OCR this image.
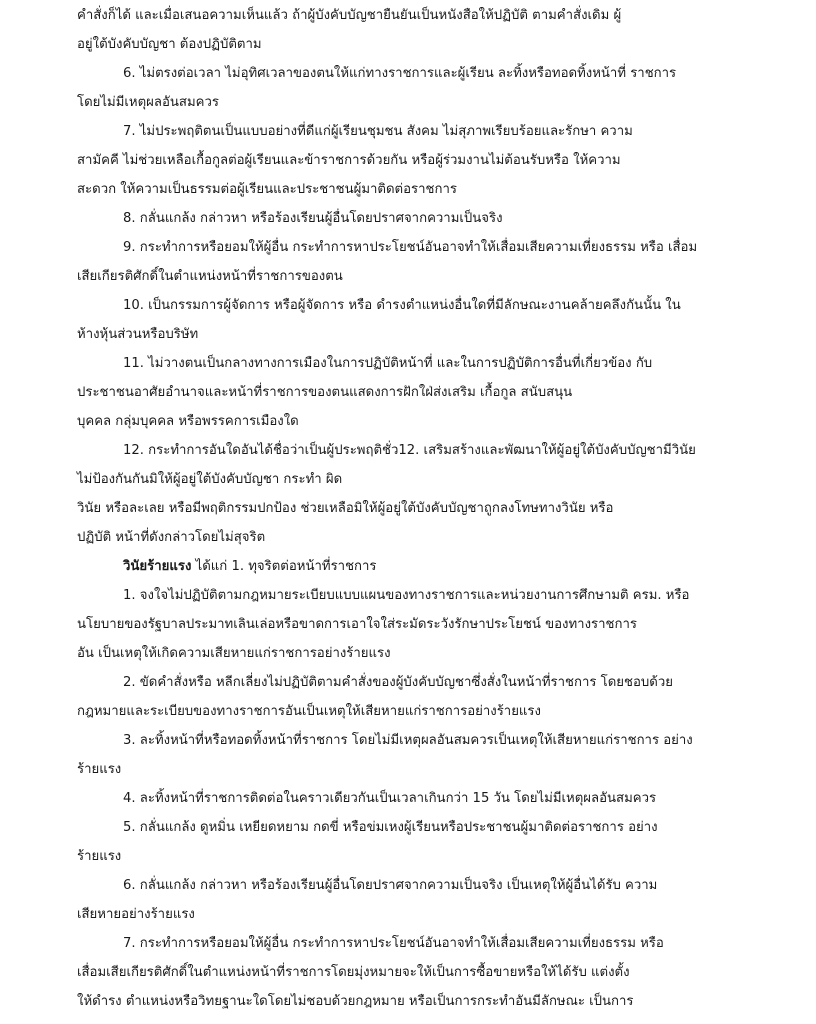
คำสั่งก็ได้ และเมื่อเสนอความเห็นแล้ว ถ้าผู้บังคับบัญชายืนยันเป็นหนังสือให้ปฏิบัติ ตามคำสั่งเดิม ผู้
อยู่ใต้บังคับบัญชา ต้องปฏิบัติตาม
6. ไม่ตรงต่อเวลา ไม่อุทิศเวลาของตนให้แก่ทางราชการและผู้เรียน ละทิ้งหรือทอดทิ้งหน้าที่ ราชการ
โดยไม่มีเหตุผลอันสมควร
7. ไม่ประพฤติตนเป็นแบบอย่างที่ดีแก่ผู้เรียนชุมชน สังคม ไม่สุภาพเรียบร้อยและรักษา ความ
สามัคคี ไม่ช่วยเหลือเกื้อกูลต่อผู้เรียนและข้าราชการด้วยกัน หรือผู้ร่วมงานไม่ต้อนรับหรือ ให้ความ
สะดวก ให้ความเป็นธรรมต่อผู้เรียนและประชาชนผู้มาติดต่อราชการ
8. กลั่นแกล้ง กล่าวหา หรือร้องเรียนผู้อื่นโดยปราศจากความเป็นจริง
9. กระทำการหรือยอมให้ผู้อื่น กระทำการหาประโยชน์อันอาจทำให้เสื่อมเสียความเที่ยงธรรม หรือ เสื่อม
เสียเกียรติศักดิ์ในตำแหน่งหน้าที่ราชการของตน
10. เป็นกรรมการผู้จัดการ หรือผู้จัดการ หรือ ดำรงตำแหน่งอื่นใดที่มีลักษณะงานคล้ายคลึงกันนั้น ใน
ห้างหุ้นส่วนหรือบริษัท
11. ไม่วางตนเป็นกลางทางการเมืองในการปฏิบัติหน้าที่ และในการปฏิบัติการอื่นที่เกี่ยวข้อง กับ
ประชาชนอาศัยอำนาจและหน้าที่ราชการของตนแสดงการฝักใฝ่ส่งเสริม เกื้อกูล สนับสนุน
บุคคล กลุ่มบุคคล หรือพรรคการเมืองใด
12. กระทำการอันใดอันได้ชื่อว่าเป็นผู้ประพฤติชั่ว12. เสริมสร้างและพัฒนาให้ผู้อยู่ใต้บังคับบัญชามีวินัย
ไม่ป้องกันกันมิให้ผู้อยู่ใต้บังคับบัญชา กระทำ ผิด
วินัย หรือละเลย หรือมีพฤติกรรมปกป้อง ช่วยเหลือมิให้ผู้อยู่ใต้บังคับบัญชาถูกลงโทษทางวินัย หรือ
ปฏิบัติ หน้าที่ดังกล่าวโดยไม่สุจริต
วินัยร้ายแรง ได้แก่ 1. ทุจริตต่อหน้าที่ราชการ
1. จงใจไม่ปฏิบัติตามกฎหมายระเบียบแบบแผนของทางราชการและหน่วยงานการศึกษามติ ครม. หรือ
นโยบายของรัฐบาลประมาทเลินเล่อหรือขาดการเอาใจใส่ระมัดระวังรักษาประโยชน์ ของทางราชการ
อัน เป็นเหตุให้เกิดความเสียหายแก่ราชการอย่างร้ายแรง
2. ขัดคำสั่งหรือ หลีกเลี่ยงไม่ปฏิบัติตามคำสั่งของผู้บังคับบัญชาซึ่งสั่งในหน้าที่ราชการ โดยชอบด้วย
กฎหมายและระเบียบของทางราชการอันเป็นเหตุให้เสียหายแก่ราชการอย่างร้ายแรง
3. ละทิ้งหน้าที่หรือทอดทิ้งหน้าที่ราชการ โดยไม่มีเหตุผลอันสมควรเป็นเหตุให้เสียหายแก่ราชการ อย่าง
ร้ายแรง
4. ละทิ้งหน้าที่ราชการติดต่อในคราวเดียวกันเป็นเวลาเกินกว่า 15 วัน โดยไม่มีเหตุผลอันสมควร
5. กลั่นแกล้ง ดูหมิ่น เหยียดหยาม กดขี่ หรือข่มเหงผู้เรียนหรือประชาชนผู้มาติดต่อราชการ อย่าง
ร้ายแรง
6. กลั่นแกล้ง กล่าวหา หรือร้องเรียนผู้อื่นโดยปราศจากความเป็นจริง เป็นเหตุให้ผู้อื่นได้รับ ความ
เสียหายอย่างร้ายแรง
7. กระทำการหรือยอมให้ผู้อื่น กระทำการหาประโยชน์อันอาจทำให้เสื่อมเสียความเที่ยงธรรม หรือ
เสื่อมเสียเกียรติศักดิ์ในตำแหน่งหน้าที่ราชการโดยมุ่งหมายจะให้เป็นการซื้อขายหรือให้ได้รับ แต่งตั้ง
ให้ดำรง ตำแหน่งหรือวิทยฐานะใดโดยไม่ชอบด้วยกฎหมาย หรือเป็นการกระทำอันมีลักษณะ เป็นการ
